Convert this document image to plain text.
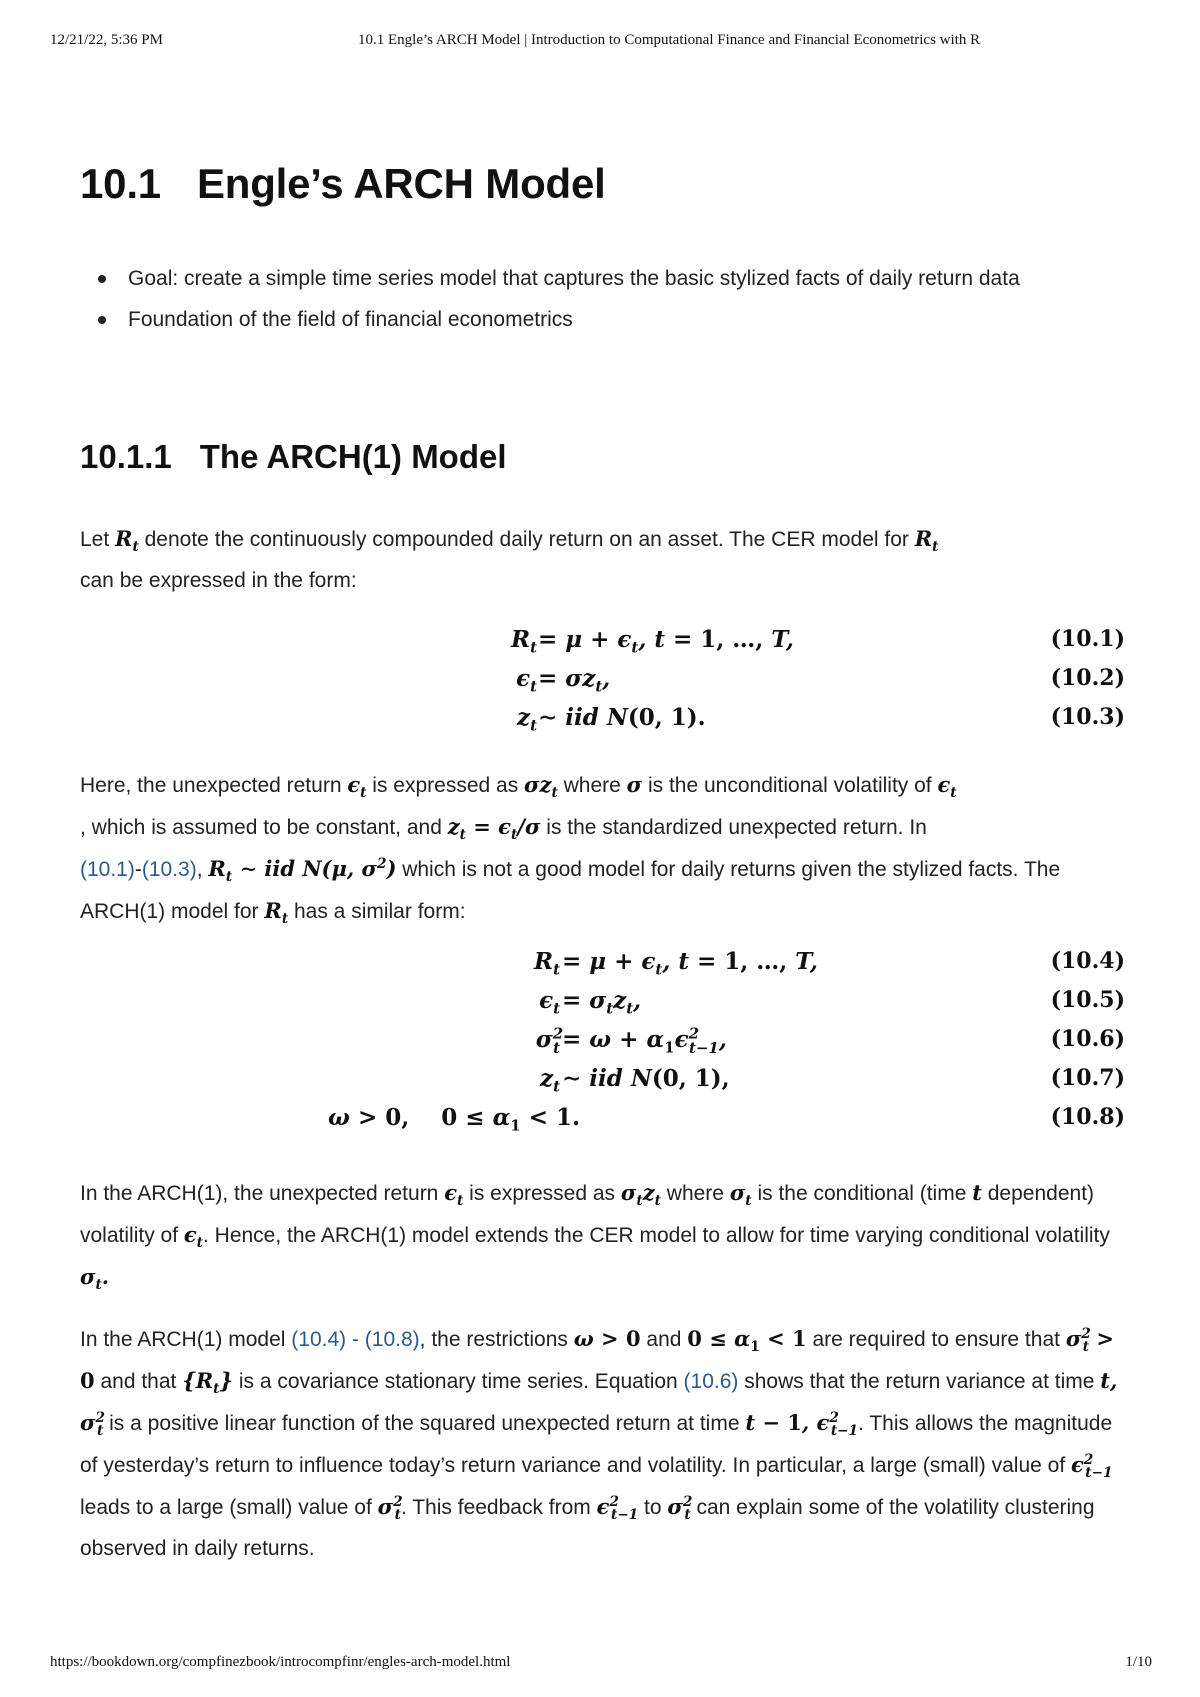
12/21/22, 5:36 PM	10.1 Engle’s ARCH Model | Introduction to Computational Finance and Financial Econometrics with R
10.1 Engle’s ARCH Model
Goal: create a simple time series model that captures the basic stylized facts of daily return data
Foundation of the field of financial econometrics
10.1.1 The ARCH(1) Model

Let $R_t$ denote the continuously compounded daily return on an asset. The CER model for $R_t$
can be expressed in the form:

$R_t = \mu + \epsilon_t$, t = 1, …, T,	(10.1)
$\epsilon_t = \sigma z_t$,	(10.2)
$z_t$ ∼ iid N(0, 1).	(10.3)

Here, the unexpected return $\epsilon_t$ is expressed as $\sigma z_t$ where σ is the unconditional volatility of $\epsilon_t$
, which is assumed to be constant, and $z_t = \epsilon_t/\sigma$ is the standardized unexpected return. In
(10.1)-(10.3), $R_t$ ∼ iid N(μ, $\sigma^2$) which is not a good model for daily returns given the stylized facts. The ARCH(1) model for $R_t$ has a similar form:

$R_t = \mu + \epsilon_t$, t = 1, …, T,	(10.4)
$\epsilon_t = \sigma_tz_t$,	(10.5)
$\sigma^2_t = \omega + \alpha_1\epsilon^2_{t-1}$,	(10.6)
$z_t$ ∼ iid N(0, 1),	(10.7)
ω > 0, $0 \le \alpha_1 < 1$.	(10.8)

In the ARCH(1), the unexpected return $\epsilon_t$ is expressed as $\sigma_tz_t$ where $\sigma_t$ is the conditional (time t dependent) volatility of $\epsilon_t$. Hence, the ARCH(1) model extends the CER model to allow for time varying conditional volatility $\sigma_t$.

In the ARCH(1) model (10.4) - (10.8), the restrictions ω > 0 and $0 \le \alpha_1 < 1$ are required to ensure that $\sigma^2_t > 0$ and that $\{R_t\}$ is a covariance stationary time series. Equation (10.6) shows that the return variance at time t, $\sigma^2_t$ is a positive linear function of the squared unexpected return at time t − 1, $\epsilon^2_{t-1}$. This allows the magnitude of yesterday’s return to influence today’s return variance and volatility. In particular, a large (small) value of $\epsilon^2_{t-1}$ leads to a large (small) value of $\sigma^2_t$. This feedback from $\epsilon^2_{t-1}$ to $\sigma^2_t$ can explain some of the volatility clustering observed in daily returns.

https://bookdown.org/compfinezbook/introcompfinr/engles-arch-model.html	1/10
